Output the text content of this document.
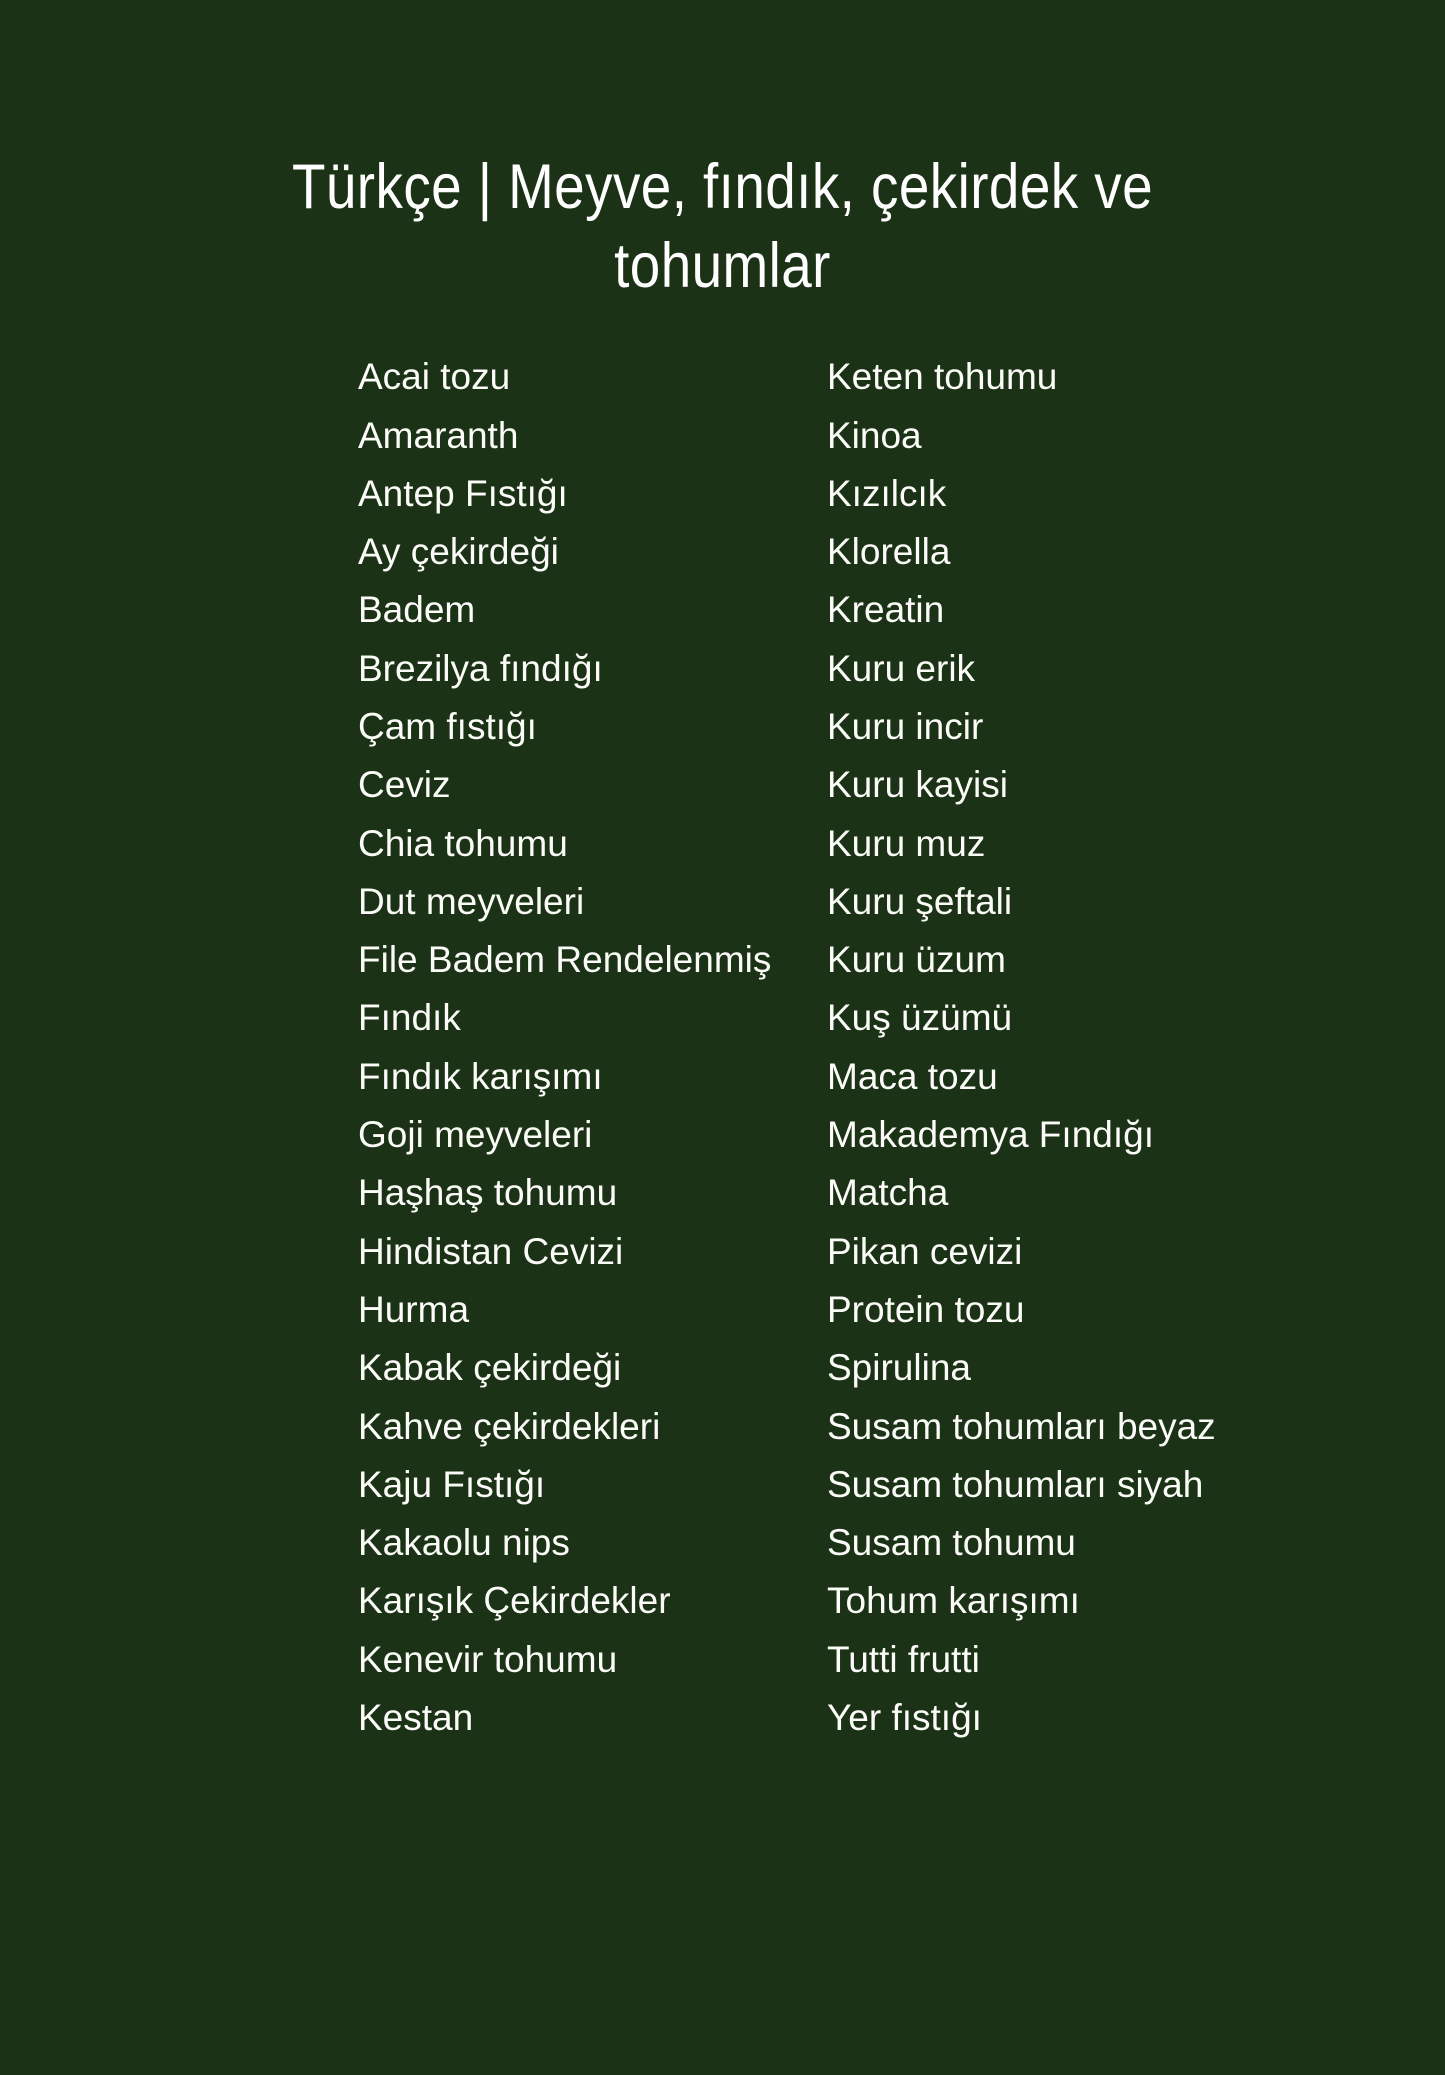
Türkçe | Meyve, fındık, çekirdek ve
tohumlar
Acai tozu
Amaranth
Antep Fıstığı
Ay çekirdeği
Badem
Brezilya fındığı
Çam fıstığı
Ceviz
Chia tohumu
Dut meyveleri
File Badem Rendelenmiş
Fındık
Fındık karışımı
Goji meyveleri
Haşhaş tohumu
Hindistan Cevizi
Hurma
Kabak çekirdeği
Kahve çekirdekleri
Kaju Fıstığı
Kakaolu nips
Karışık Çekirdekler
Kenevir tohumu
Kestan
Keten tohumu
Kinoa
Kızılcık
Klorella
Kreatin
Kuru erik
Kuru incir
Kuru kayisi
Kuru muz
Kuru şeftali
Kuru üzum
Kuş üzümü
Maca tozu
Makademya Fındığı
Matcha
Pikan cevizi
Protein tozu
Spirulina
Susam tohumları beyaz
Susam tohumları siyah
Susam tohumu
Tohum karışımı
Tutti frutti
Yer fıstığı
